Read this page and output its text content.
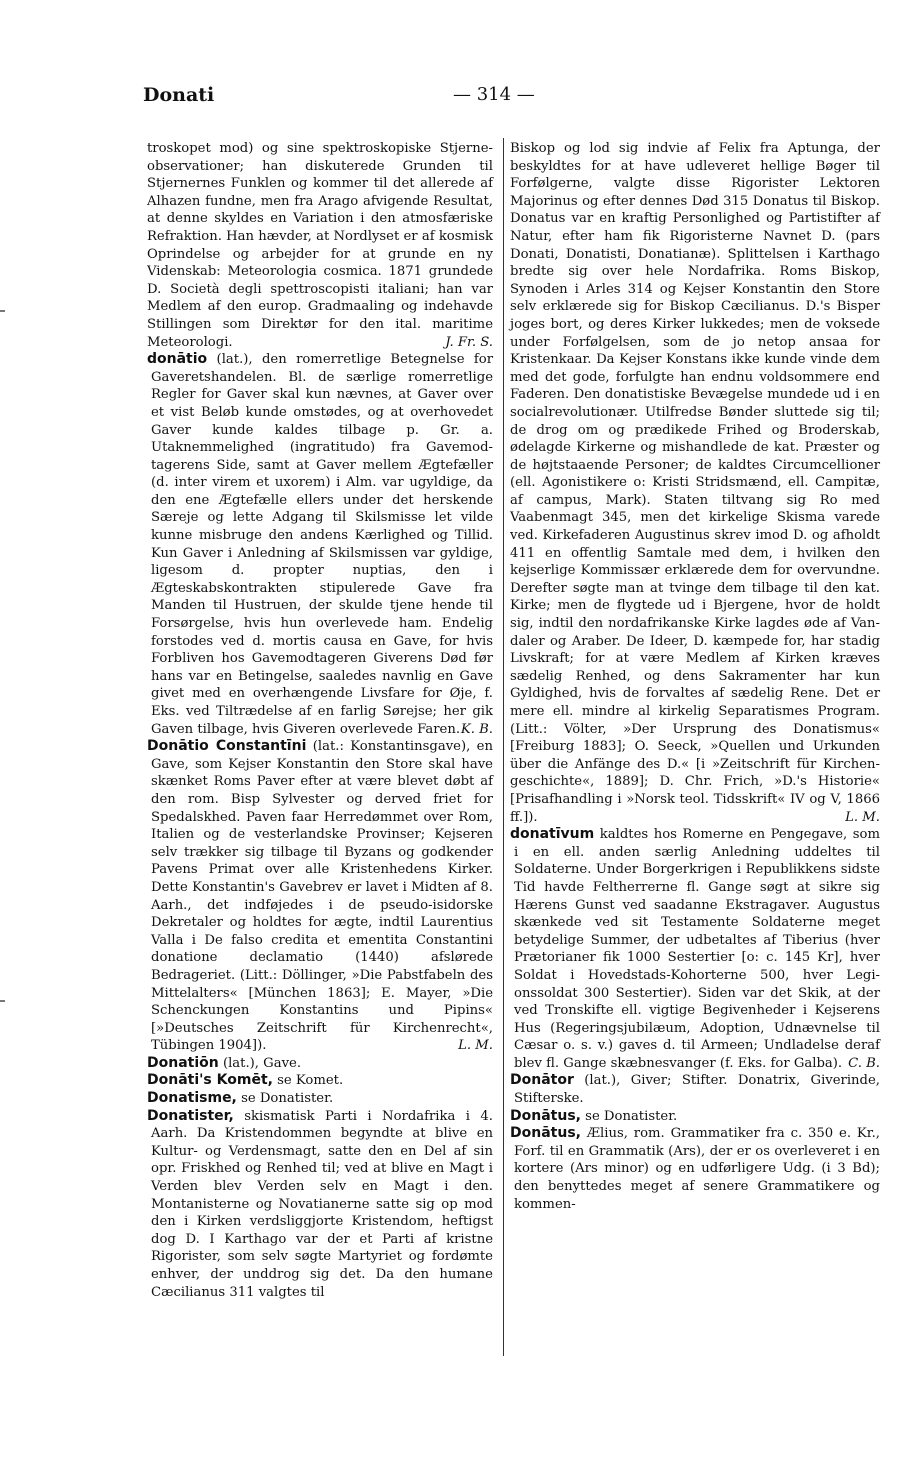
Donati	— 314 —

troskopet mod) og sine spektroskopiske Stjerneobservationer; han diskuterede Grunden til Stjernernes Funklen og kommer til det allerede af Alhazen fundne, men fra Arago afvigende Resultat, at denne skyldes en Variation i den atmosfæriske Refraktion. Han hævder, at Nordlyset er af kosmisk Oprindelse og arbejder for at grunde en ny Videnskab: Meteorologia cosmica. 1871 grundede D. Società degli spettroscopisti italiani; han var Medlem af den europ. Gradmaaling og indehavde Stillingen som Direktør for den ital. maritime Meteorologi.	J. Fr. S.

donātio (lat.), den romerretlige Betegnelse for Gaveretshandelen. Bl. de særlige romerretlige Regler for Gaver skal kun nævnes, at Gaver over et vist Beløb kunde omstødes, og at overhovedet Gaver kunde kaldes tilbage p. Gr. a. Utaknemmelighed (ingratitudo) fra Gavemodtagerens Side, samt at Gaver mellem Ægtefæller (d. inter virem et uxorem) i Alm. var ugyldige, da den ene Ægtefælle ellers under det herskende Særeje og lette Adgang til Skilsmisse let vilde kunne misbruge den andens Kærlighed og Tillid. Kun Gaver i Anledning af Skilsmissen var gyldige, ligesom d. propter nuptias, den i Ægteskabskontrakten stipulerede Gave fra Manden til Hustruen, der skulde tjene hende til Forsørgelse, hvis hun overlevede ham. Endelig forstodes ved d. mortis causa en Gave, for hvis Forbliven hos Gavemodtageren Giverens Død før hans var en Betingelse, saaledes navnlig en Gave givet med en overhængende Livsfare for Øje, f. Eks. ved Tiltrædelse af en farlig Sørejse; her gik Gaven tilbage, hvis Giveren overlevede Faren. K. B.

Donātio Constantīni (lat.: Konstantinsgave), en Gave, som Kejser Konstantin den Store skal have skænket Roms Paver efter at være blevet døbt af den rom. Bisp Sylvester og derved friet for Spedalskhed. Paven faar Herredømmet over Rom, Italien og de vesterlandske Provinser; Kejseren selv trækker sig tilbage til Byzans og godkender Pavens Primat over alle Kristenhedens Kirker. Dette Konstantin's Gavebrev er lavet i Midten af 8. Aarh., det indføjedes i de pseudo-isidorske Dekretaler og holdtes for ægte, indtil Laurentius Valla i De falso credita et ementita Constantini donatione declamatio (1440) afslørede Bedrageriet. (Litt.: Döllinger, »Die Pabstfabeln des Mittelalters« [München 1863]; E. Mayer, »Die Schenckungen Konstantins und Pipins« [»Deutsches Zeitschrift für Kirchenrecht«, Tübingen 1904]).	L. M.

Donatiōn (lat.), Gave.

Donāti's Komēt, se Komet.

Donatisme, se Donatister.

Donatister, skismatisk Parti i Nordafrika i 4. Aarh. Da Kristendommen begyndte at blive en Kultur- og Verdensmagt, satte den en Del af sin opr. Friskhed og Renhed til; ved at blive en Magt i Verden blev Verden selv en Magt i den. Montanisterne og Novatianerne satte sig op mod den i Kirken verdsliggjorte Kristendom, heftigst dog D. I Karthago var der et Parti af kristne Rigorister, som selv søgte Martyriet og fordømte enhver, der unddrog sig det. Da den humane Cæcilianus 311 valgtes til

Biskop og lod sig indvie af Felix fra Aptunga, der beskyldtes for at have udleveret hellige Bøger til Forfølgerne, valgte disse Rigorister Lektoren Majorinus og efter dennes Død 315 Donatus til Biskop. Donatus var en kraftig Personlighed og Partistifter af Natur, efter ham fik Rigoristerne Navnet D. (pars Donati, Donatisti, Donatianæ). Splittelsen i Karthago bredte sig over hele Nordafrika. Roms Biskop, Synoden i Arles 314 og Kejser Konstantin den Store selv erklærede sig for Biskop Cæcilianus. D.'s Bisper joges bort, og deres Kirker lukkedes; men de voksede under Forfølgelsen, som de jo netop ansaa for Kristenkaar. Da Kejser Konstans ikke kunde vinde dem med det gode, forfulgte han endnu voldsommere end Faderen. Den donatistiske Bevægelse mundede ud i en socialrevolutionær. Utilfredse Bønder sluttede sig til; de drog om og prædikede Frihed og Broderskab, ødelagde Kirkerne og mishandlede de kat. Præster og de højtstaaende Personer; de kaldtes Circumcellioner (ell. Agonistikere o: Kristi Stridsmænd, ell. Campitæ, af campus, Mark). Staten tiltvang sig Ro med Vaabenmagt 345, men det kirkelige Skisma varede ved. Kirkefaderen Augustinus skrev imod D. og afholdt 411 en offentlig Samtale med dem, i hvilken den kejserlige Kommissær erklærede dem for overvundne. Derefter søgte man at tvinge dem tilbage til den kat. Kirke; men de flygtede ud i Bjergene, hvor de holdt sig, indtil den nordafrikanske Kirke lagdes øde af Vandaler og Araber. De Ideer, D. kæmpede for, har stadig Livskraft; for at være Medlem af Kirken kræves sædelig Renhed, og dens Sakramenter har kun Gyldighed, hvis de forvaltes af sædelig Rene. Det er mere ell. mindre al kirkelig Separatismes Program. (Litt.: Völter, »Der Ursprung des Donatismus« [Freiburg 1883]; O. Seeck, »Quellen und Urkunden über die Anfänge des D.« [i »Zeitschrift für Kirchengeschichte«, 1889]; D. Chr. Frich, »D.'s Historie« [Prisafhandling i »Norsk teol. Tidsskrift« IV og V, 1866 ff.]).	L. M.

donatīvum kaldtes hos Romerne en Pengegave, som i en ell. anden særlig Anledning uddeltes til Soldaterne. Under Borgerkrigen i Republikkens sidste Tid havde Feltherrerne fl. Gange søgt at sikre sig Hærens Gunst ved saadanne Ekstragaver. Augustus skænkede ved sit Testamente Soldaterne meget betydelige Summer, der udbetaltes af Tiberius (hver Prætorianer fik 1000 Sestertier [o: c. 145 Kr], hver Soldat i Hovedstads-Kohorterne 500, hver Legionssoldat 300 Sestertier). Siden var det Skik, at der ved Tronskifte ell. vigtige Begivenheder i Kejserens Hus (Regeringsjubilæum, Adoption, Udnævnelse til Cæsar o. s. v.) gaves d. til Armeen; Undladelse deraf blev fl. Gange skæbnesvanger (f. Eks. for Galba). C. B.

Donātor (lat.), Giver; Stifter. Donatrix, Giverinde, Stifterske.

Donātus, se Donatister.

Donātus, Ælius, rom. Grammatiker fra c. 350 e. Kr., Forf. til en Grammatik (Ars), der er os overleveret i en kortere (Ars minor) og en udførligere Udg. (i 3 Bd); den benyttedes meget af senere Grammatikere og kommen-
